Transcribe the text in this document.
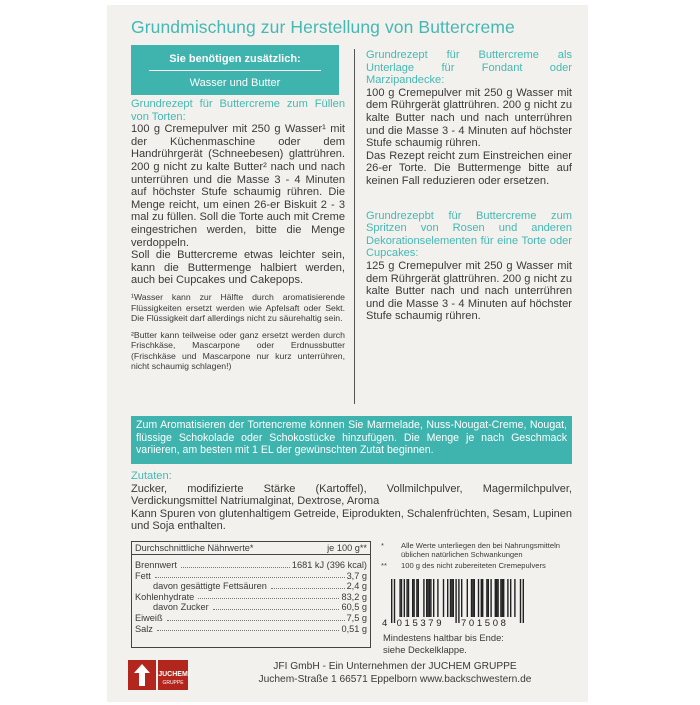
Grundmischung zur Herstellung von Buttercreme
Sie benötigen zusätzlich:
Wasser und Butter
Grundrezept für Buttercreme zum Füllen von Torten:
100 g Cremepulver mit 250 g Wasser¹ mit der Küchenmaschine oder dem Handrührgerät (Schneebesen) glattrühren. 200 g nicht zu kalte Butter² nach und nach unterrühren und die Masse 3 - 4 Minuten auf höchster Stufe schaumig rühren. Die Menge reicht, um einen 26-er Biskuit 2 - 3 mal zu füllen. Soll die Torte auch mit Creme eingestrichen werden, bitte die Menge verdoppeln.
Soll die Buttercreme etwas leichter sein, kann die Buttermenge halbiert werden, auch bei Cupcakes und Cakepops.
¹Wasser kann zur Hälfte durch aromatisierende Flüssigkeiten ersetzt werden wie Apfelsaft oder Sekt. Die Flüssigkeit darf allerdings nicht zu säurehaltig sein.
²Butter kann teilweise oder ganz ersetzt werden durch Frischkäse, Mascarpone oder Erdnussbutter (Frischkäse und Mascarpone nur kurz unterrühren, nicht schaumig schlagen!)
Grundrezept für Buttercreme als Unterlage für Fondant oder Marzipandecke:
100 g Cremepulver mit 250 g Wasser mit dem Rührgerät glattrühren. 200 g nicht zu kalte Butter nach und nach unterrühren und die Masse 3 - 4 Minuten auf höchster Stufe schaumig rühren.
Das Rezept reicht zum Einstreichen einer 26-er Torte. Die Buttermenge bitte auf keinen Fall reduzieren oder ersetzen.
Grundrezepbt für Buttercreme zum Spritzen von Rosen und anderen Dekorationselementen für eine Torte oder Cupcakes:
125 g Cremepulver mit 250 g Wasser mit dem Rührgerät glattrühren. 200 g nicht zu kalte Butter nach und nach unterrühren und die Masse 3 - 4 Minuten auf höchster Stufe schaumig rühren.
Zum Aromatisieren der Tortencreme können Sie Marmelade, Nuss-Nougat-Creme, Nougat, flüssige Schokolade oder Schokostücke hinzufügen. Die Menge je nach Geschmack variieren, am besten mit 1 EL der gewünschten Zutat beginnen.
Zutaten:
Zucker, modifizierte Stärke (Kartoffel), Vollmilchpulver, Magermilchpulver, Verdickungsmittel Natriumalginat, Dextrose, Aroma
Kann Spuren von glutenhaltigem Getreide, Eiprodukten, Schalenfrüchten, Sesam, Lupinen und Soja enthalten.
Durchschnittliche Nährwerte*	je 100 g**
Brennwert	1681 kJ (396 kcal)
Fett	3,7 g
davon gesättigte Fettsäuren	2,4 g
Kohlenhydrate	83,2 g
davon Zucker	60,5 g
Eiweiß	7,5 g
Salz	0,51 g
*	Alle Werte unterliegen den bei Nahrungsmitteln üblichen natürlichen Schwankungen
**	100 g des nicht zubereiteten Cremepulvers
4 0 1 5 3 7 9 7 0 1 5 0 8
Mindestens haltbar bis Ende:
siehe Deckelklappe.
JUCHEM
GRUPPE
JFI GmbH - Ein Unternehmen der JUCHEM GRUPPE
Juchem-Straße 1 66571 Eppelborn www.backschwestern.de
